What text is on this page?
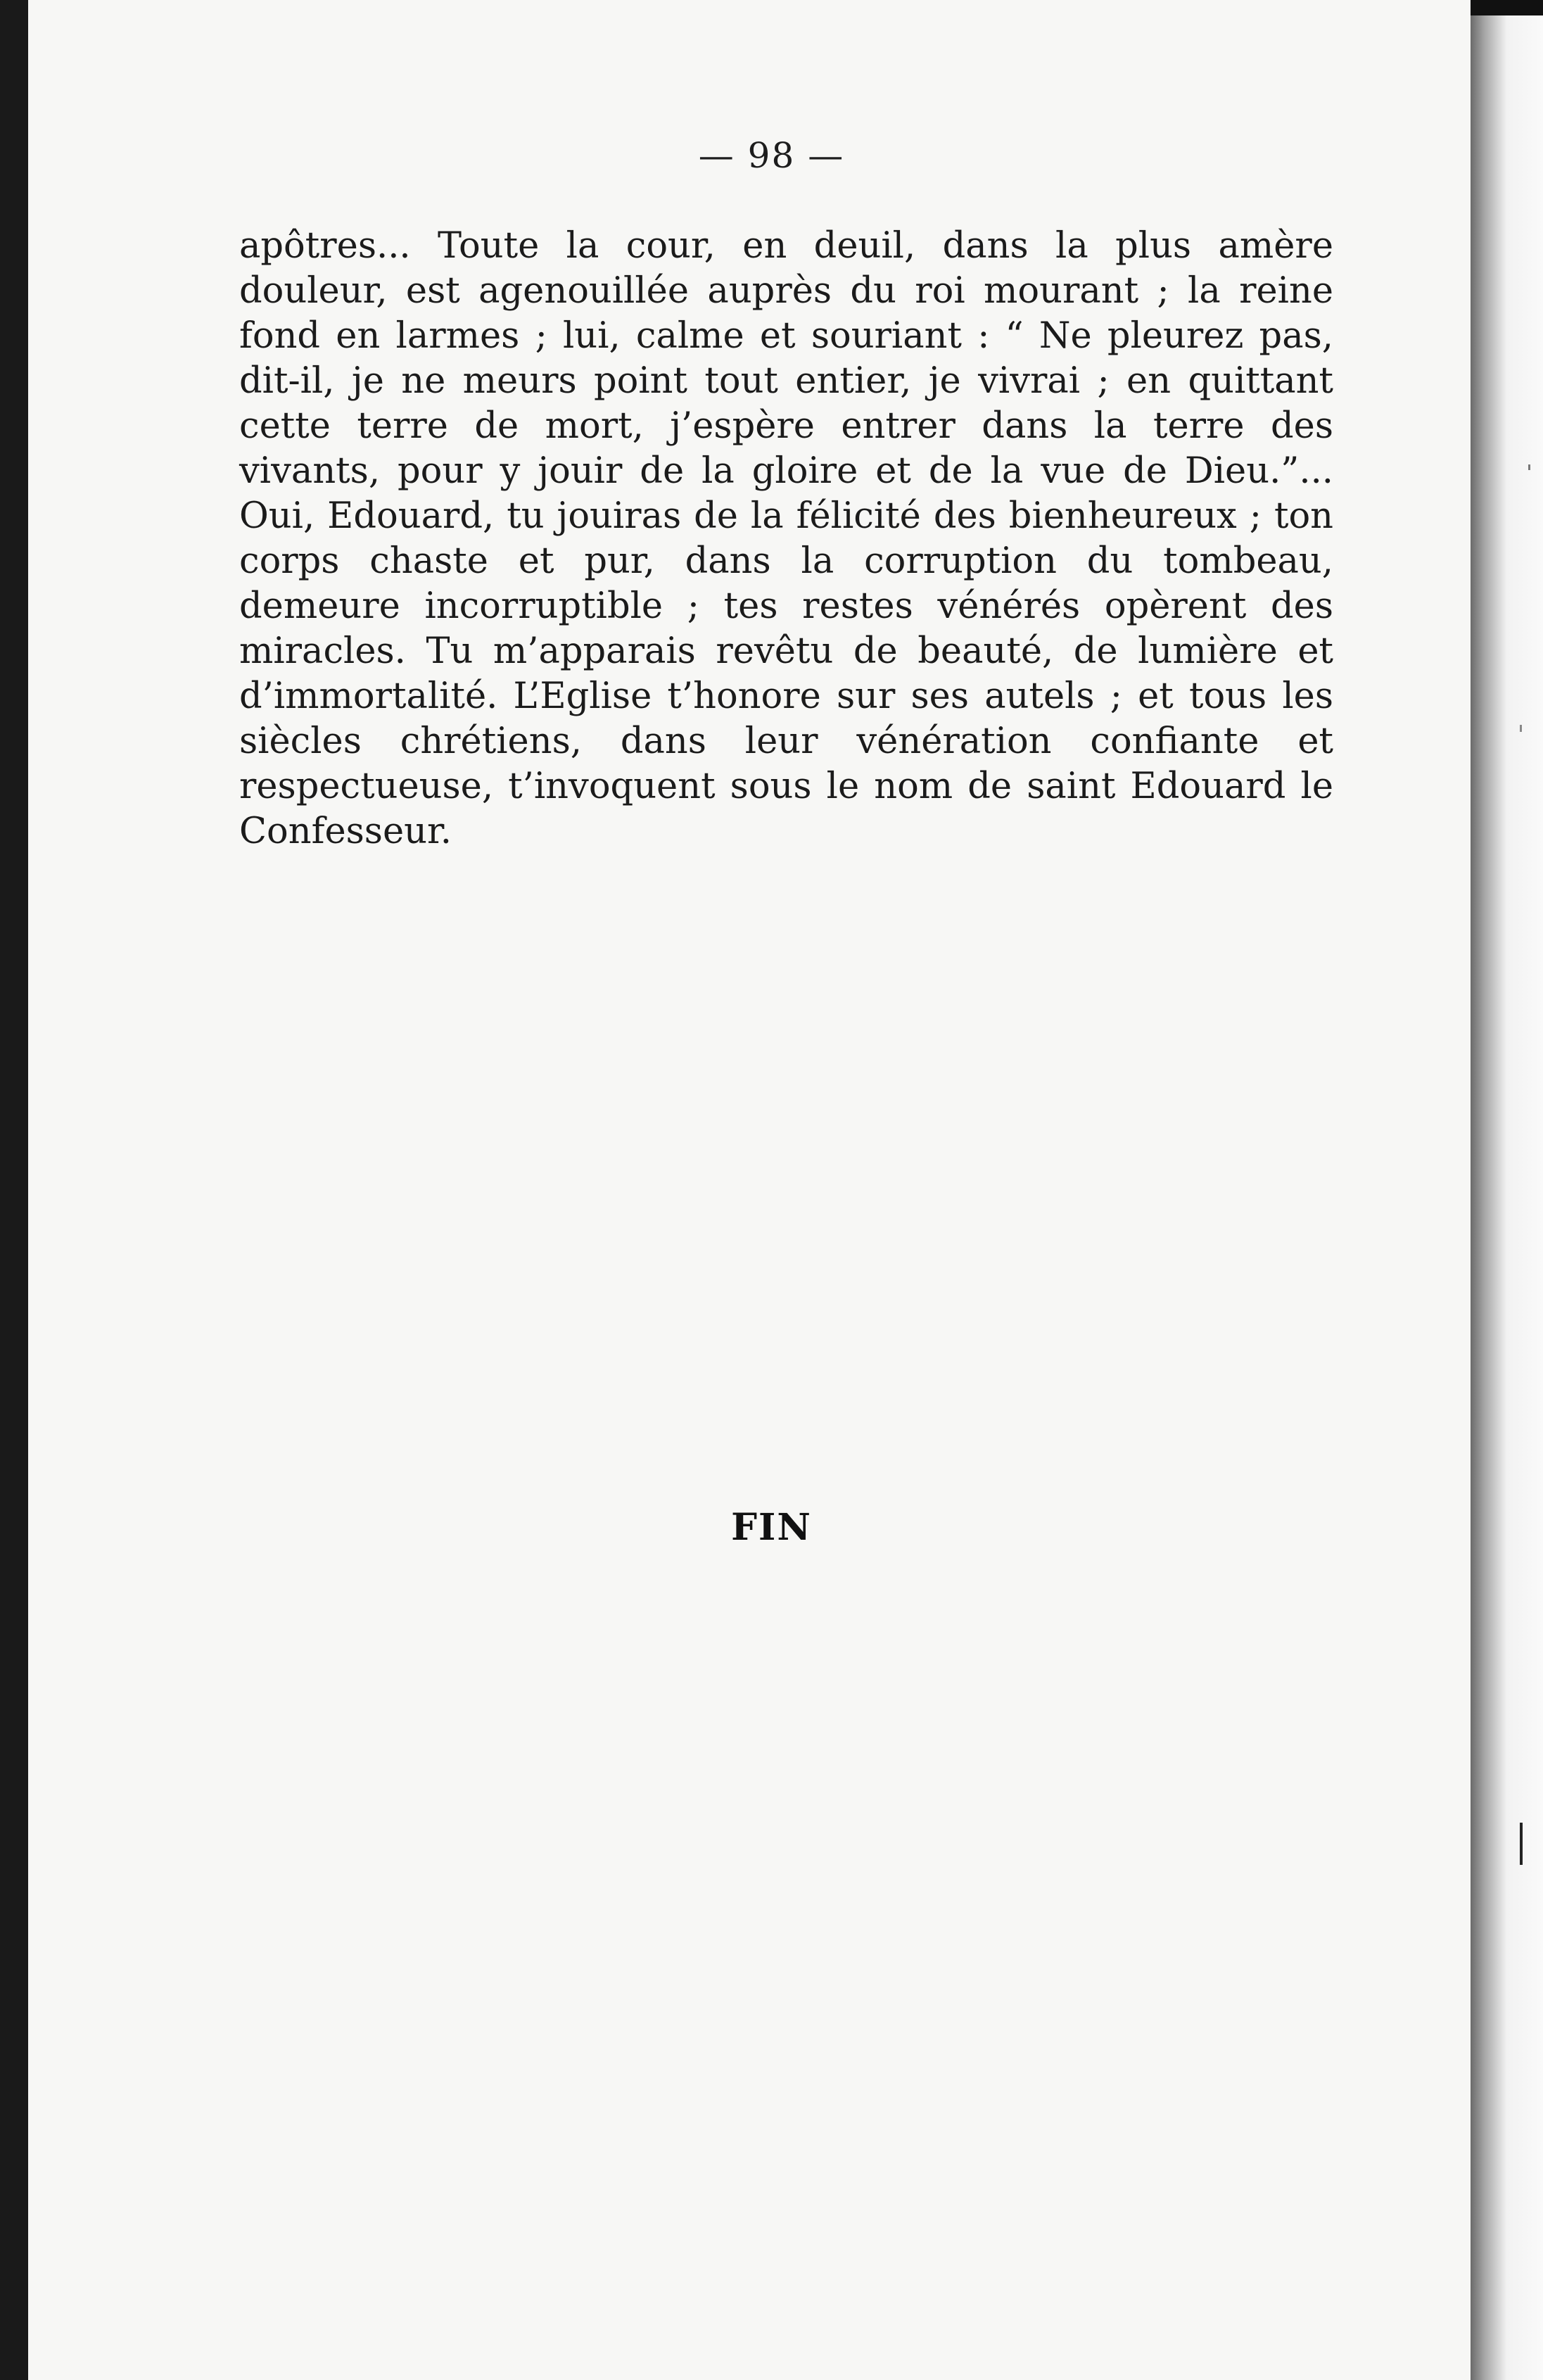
— 98 —

apôtres... Toute la cour, en deuil, dans la plus amère douleur, est agenouillée auprès du roi mourant ; la reine fond en larmes ; lui, calme et souriant : “ Ne pleurez pas, dit-il, je ne meurs point tout entier, je vivrai ; en quittant cette terre de mort, j’espère entrer dans la terre des vivants, pour y jouir de la gloire et de la vue de Dieu.”... Oui, Edouard, tu jouiras de la félicité des bienheureux ; ton corps chaste et pur, dans la corruption du tombeau, demeure incorruptible ; tes restes vénérés opèrent des miracles. Tu m’apparais revêtu de beauté, de lumière et d’immortalité. L’Eglise t’honore sur ses autels ; et tous les siècles chrétiens, dans leur vénération confiante et respectueuse, t’invoquent sous le nom de saint Edouard le Confesseur.

FIN
